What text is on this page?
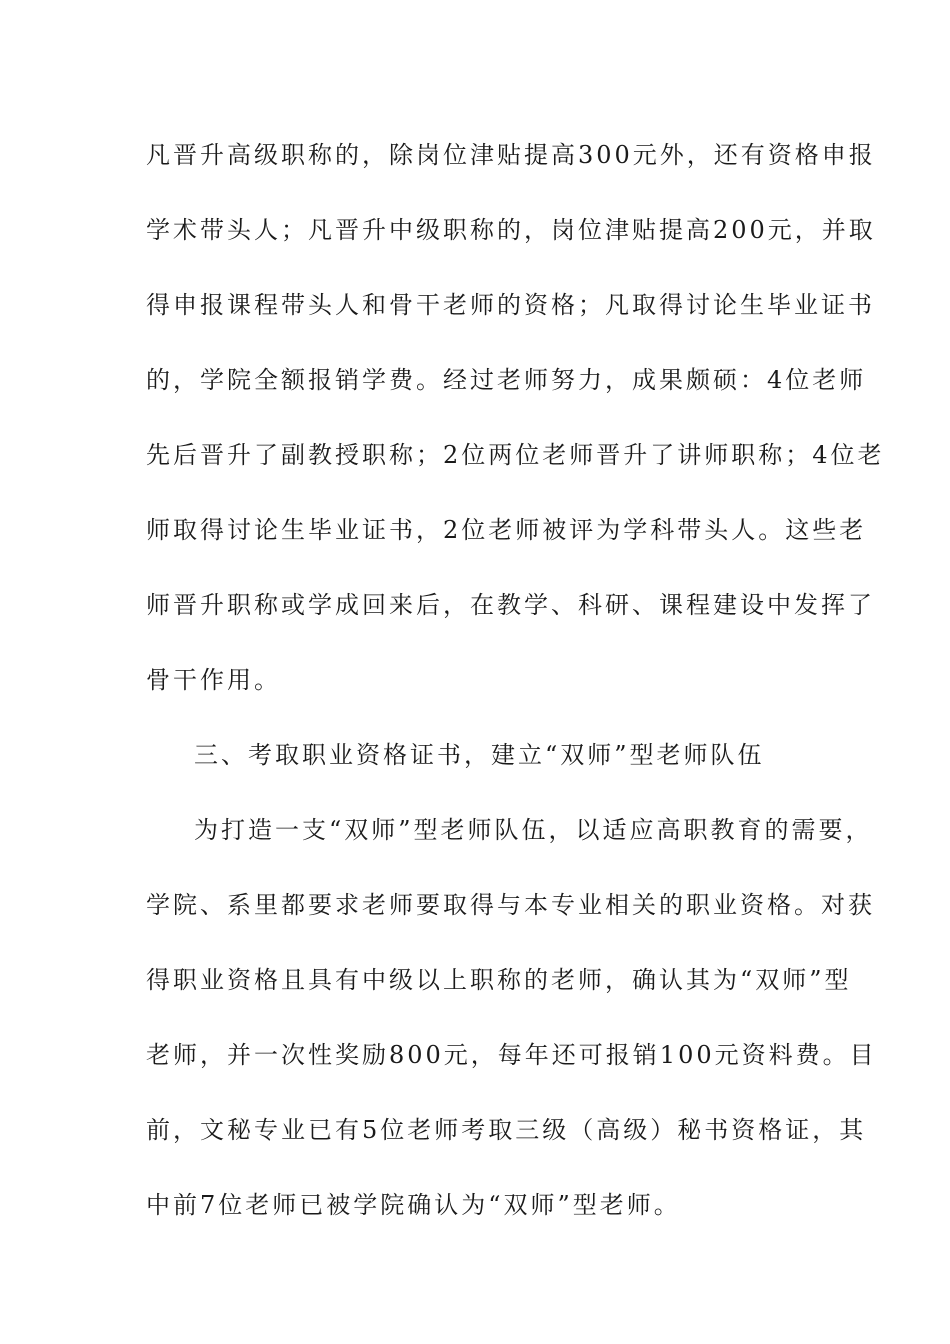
凡晋升高级职称的，除岗位津贴提高300元外，还有资格申报
学术带头人；凡晋升中级职称的，岗位津贴提高200元，并取
得申报课程带头人和骨干老师的资格；凡取得讨论生毕业证书
的，学院全额报销学费。经过老师努力，成果颇硕：4位老师
先后晋升了副教授职称；2位两位老师晋升了讲师职称；4位老
师取得讨论生毕业证书，2位老师被评为学科带头人。这些老
师晋升职称或学成回来后，在教学、科研、课程建设中发挥了
骨干作用。
三、考取职业资格证书，建立“双师”型老师队伍
为打造一支“双师”型老师队伍，以适应高职教育的需要，
学院、系里都要求老师要取得与本专业相关的职业资格。对获
得职业资格且具有中级以上职称的老师，确认其为“双师”型
老师，并一次性奖励800元，每年还可报销100元资料费。目
前，文秘专业已有5位老师考取三级（高级）秘书资格证，其
中前7位老师已被学院确认为“双师”型老师。
